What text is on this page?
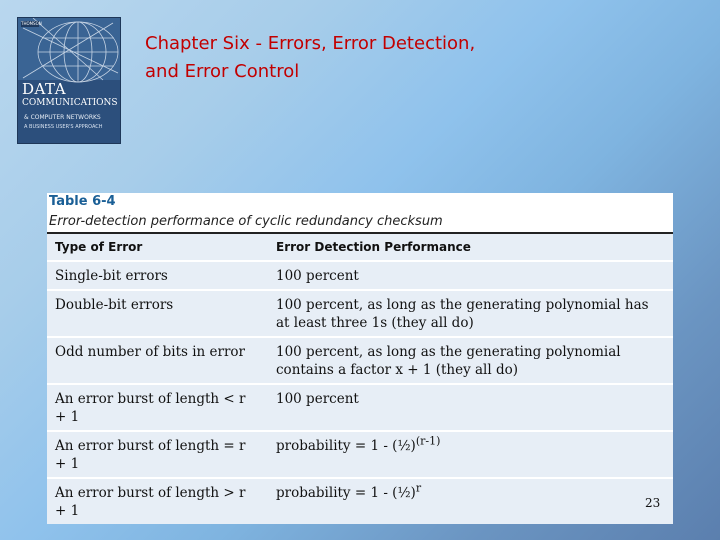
THOMSON
DATA
COMMUNICATIONS
& COMPUTER NETWORKS
A BUSINESS USER'S APPROACH
Chapter Six - Errors, Error Detection,
and Error Control
Table 6-4
Error-detection performance of cyclic redundancy checksum
Type of Error	Error Detection Performance
Single-bit errors	100 percent
Double-bit errors	100 percent, as long as the generating polynomial has at least three 1s (they all do)
Odd number of bits in error	100 percent, as long as the generating polynomial contains a factor x + 1 (they all do)
An error burst of length < r + 1	100 percent
An error burst of length = r + 1	probability = 1 - (½)$^{(r-1)}$
An error burst of length > r + 1	probability = 1 - (½)$^r$
23
